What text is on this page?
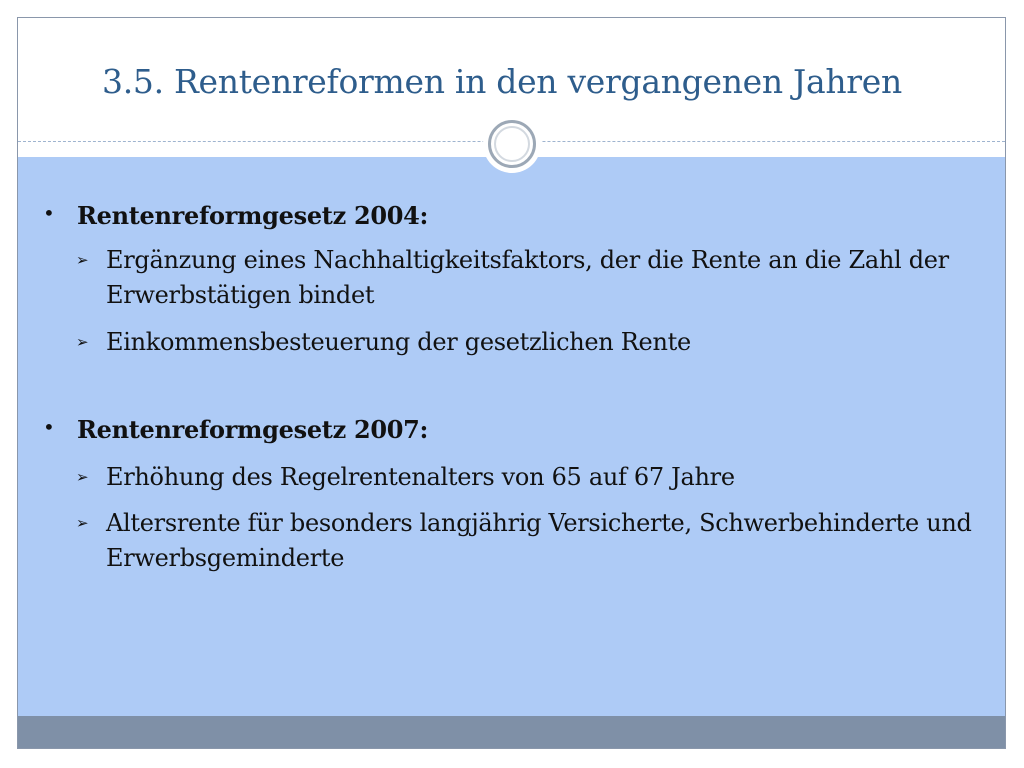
3.5. Rentenreformen in den vergangenen Jahren
• Rentenreformgesetz 2004:
➢ Ergänzung eines Nachhaltigkeitsfaktors, der die Rente an die Zahl der Erwerbstätigen bindet
➢ Einkommensbesteuerung der gesetzlichen Rente
• Rentenreformgesetz 2007:
➢ Erhöhung des Regelrentenalters von 65 auf 67 Jahre
➢ Altersrente für besonders langjährig Versicherte, Schwerbehinderte und Erwerbsgeminderte
